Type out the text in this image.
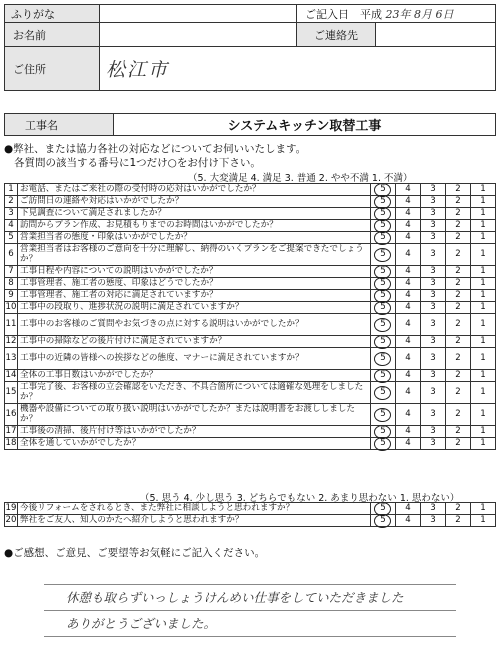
ふりがな		ご記入日　平成 23年 8月 6日	
お名前		ご連絡先	
ご住所	松江市		
工事名	システムキッチン取替工事
●弊社、または協力各社の対応などについてお伺いいたします。
各質問の該当する番号に1つだけ○をお付け下さい。
（5. 大変満足 4. 満足 3. 普通 2. やや不満 1. 不満）
1	お電話、またはご来社の際の受付時の応対はいかがでしたか？	5	4	3	2	1
2	ご訪問日の連絡や対応はいかがでしたか？	5	4	3	2	1
3	下見調査について満足されましたか？	5	4	3	2	1
4	訪問からプラン作成、お見積もりまでのお時間はいかがでしたか？	5	4	3	2	1
5	営業担当者の態度・印象はいかがでしたか？	5	4	3	2	1
6	営業担当者はお客様のご意向を十分に理解し、納得のいくプランをご提案できたでしょうか？	5	4	3	2	1
7	工事日程や内容についての説明はいかがでしたか？	5	4	3	2	1
8	工事管理者、施工者の態度、印象はどうでしたか？	5	4	3	2	1
9	工事管理者、施工者の対応に満足されていますか？	5	4	3	2	1
10	工事中の段取り、進捗状況の説明に満足されていますか？	5	4	3	2	1
11	工事中のお客様のご質問やお気づきの点に対する説明はいかがでしたか？	5	4	3	2	1
12	工事中の掃除などの後片付けに満足されていますか？	5	4	3	2	1
13	工事中の近隣の皆様への挨拶などの態度、マナーに満足されていますか？	5	4	3	2	1
14	全体の工事日数はいかがでしたか？	5	4	3	2	1
15	工事完了後、お客様の立会確認をいただき、不具合箇所については適確な処理をしましたか？	5	4	3	2	1
16	機器や設備についての取り扱い説明はいかがでしたか？または説明書をお渡ししましたか？	5	4	3	2	1
17	工事後の清掃、後片付け等はいかがでしたか？	5	4	3	2	1
18	全体を通していかがでしたか？	5	4	3	2	1
（5. 思う 4. 少し思う 3. どちらでもない 2. あまり思わない 1. 思わない）
19	今後リフォームをされるとき、また弊社に相談しようと思われますか？	5	4	3	2	1
20	弊社をご友人、知人のかたへ紹介しようと思われますか？	5	4	3	2	1
●ご感想、ご意見、ご要望等お気軽にご記入ください。
休憩も取らずいっしょうけんめい仕事をしていただきました
ありがとうございました。
